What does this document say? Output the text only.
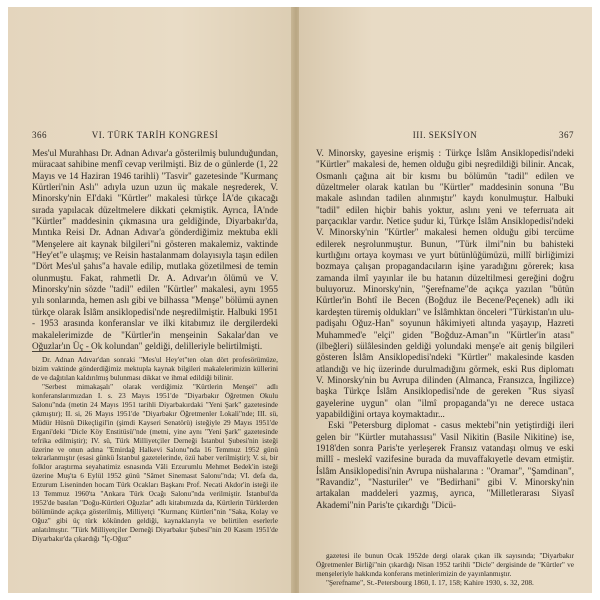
366	VI. TÜRK TARİH KONGRESİ

Mes'ul Murahhası Dr. Adnan Adıvar'a gösterilmiş bulunduğundan, müracaat sahibine menfî cevap verilmişti. Biz de o günlerde (1, 22 Mayıs ve 14 Haziran 1946 tarihli) "Tasvir" gazetesinde "Kurmanç Kürtleri'nin Aslı" adıyla uzun uzun üç makale neşrederek, V. Minorsky'nin EI'daki "Kürtler" makalesi türkçe İA'de çıkacağı sırada yapılacak düzeltmelere dikkati çekmiştik. Ayrıca, İA'nde "Kürtler" maddesinin çıkmasına ura geldiğinde, Diyarbakır'da, Mıntıka Reisi Dr. Adnan Adıvar'a gönderdiğimiz mektuba ekli "Menşelere ait kaynak bilgileri"ni gösteren makalemiz, vaktinde "Hey'et"e ulaşmış; ve Reisin hastalanmam dolayısıyla taşın edilen "Dört Mes'ul şahıs"a havale edilip, mutlaka gözetilmesi de temin olunmuştu. Fakat, rahmetli Dr. A. Adıvar'ın ölümü ve V. Minorsky'nin sözde "tadil" edilen "Kürtler" makalesi, aynı 1955 yılı sonlarında, hemen aslı gibi ve bilhassa "Menşe" bölümü aynen türkçe olarak İslâm ansiklopedisi'nde neşredilmiştir. Halbuki 1951 - 1953 arasında konferanslar ve ilki kitabımız ile dergilerdeki makalelerimizde de "Kürtler'in menşeinin Sakalar'dan ve Oğuzlar'ın Üç - Ok kolundan" geldiği, delilleriyle belirtilmişti.

Dr. Adnan Adıvar'dan sonraki "Mes'ul Hey'et"ten olan dört profesörümüze, bizim vaktinde gönderdiğimiz mektupla kaynak bilgileri makalelerimizin küllerini de ve dağıtılan kaldırılmış bulunması dikkat ve ihmal edildiği bilinir.

"Serbest mimakaşalı" olarak verdiğimiz "Kürtlerin Menşei" adlı konferanslarımızdan I. s. 23 Mayıs 1951'de "Diyarbakır Öğretmen Okulu Salonu"nda (metin 24 Mayıs 1951 tarihli Diyarbakırdaki "Yeni Şark" gazetesinde çıkmıştır); II. si, 26 Mayıs 1951'de "Diyarbakır Öğretmenler Lokali"nde; III. sü, Müdür Hüsnü Dikeçligil'in (şimdi Kayseri Senatörü) isteğiyle 29 Mayıs 1951'de Ergani'deki "Dicle Köy Enstitüsü"nde (metni, yine aynı "Yeni Şark" gazetesinde tefrika edilmiştir); IV. sü, Türk Milliyetçiler Derneği İstanbul Şubesi'nin isteği üzerine ve onun adına "Emirdağ Halkevi Salonu"nda 16 Temmuz 1952 günü tekrarlanmıştır (esasi günkü İstanbul gazetelerinde, özü haber verilmiştir); V. si, bir folklor araştırma seyahatimiz esnasında Vâli Erzurumlu Mehmet Bedek'in isteği üzerine Muş'ta 6 Eylül 1952 günü "Sâmet Sinemasıt Salonu"nda; VI. defa da, Erzurum Liseninden hocam Türk Ocakları Başkanı Prof. Necati Akdor'in isteği ile 13 Temmuz 1960'ta "Ankara Türk Ocağı Salonu"nda verilmiştir. İstanbul'da 1952'de basılan "Doğu-Kürtleri Oğuzlar" adlı kitabımızda da, Kürtlerin Türklerden bölümünde açıkça gösterilmiş, Milliyetçi "Kurmanç Kürtleri"nin "Saka, Kolay ve Oğuz" gibi üç türk kökünden geldiği, kaynaklarıyla ve belirtilen eserlerle anlatılmıştır. "Türk Milliyetçiler Derneği Diyarbakır Şubesi"nin 20 Kasım 1951'de Diyarbakır'da çıkardığı "İç-Oğuz"

III. SEKSİYON	367

V. Minorsky, gayesine erişmiş : Türkçe İslâm Ansiklopedisi'ndeki "Kürtler" makalesi de, hemen olduğu gibi neşredildiği bilinir. Ancak, Osmanlı çağına ait bir kısmı bu bölümün "tadil" edilen ve düzeltmeler olarak katılan bu "Kürtler" maddesinin sonuna "Bu makale aslından tadilen alınmıştır" kaydı konulmuştur. Halbuki "tadil" edilen hiçbir bahis yoktur, aslını yeni ve teferruata ait parçacıklar vardır. Netice şudur ki, Türkçe İslâm Ansiklopedisi'ndeki V. Minorsky'nin "Kürtler" makalesi hemen olduğu gibi tercüme edilerek neşrolunmuştur. Bunun, "Türk ilmi"nin bu bahisteki kurtlığını ortaya koyması ve yurt bütünlüğümüzü, millî birliğimizi bozmaya çalışan propagandacıların işine yaradığını görerek; kısa zamanda ilmî yayınlar ile bu hatanın düzeltilmesi gereğini doğru buluyoruz. Minorsky'nin, "Şerefname"de açıkça yazılan "bütün Kürtler'in Bohtî ile Becen (Boğduz ile Becene/Peçenek) adlı iki kardeşten türemiş oldukları" ve İslâmhktan önceleri "Türkistan'ın ulu-padişahı Oğuz-Han" soyunun hâkimiyeti altında yaşayıp, Hazreti Muhammed'e "elçi" giden "Boğduz-Aman"ın "Kürtler'in atası" (ilbeğleri) sülâlesinden geldiği yolundaki menşe'e ait geniş bilgileri gösteren İslâm Ansiklopedisi'ndeki "Kürtler" makalesinde kasden atlandığı ve hiç üzerinde durulmadığını görmek, eski Rus diplomatı V. Minorsky'nin bu Avrupa dilinden (Almanca, Fransızca, İngilizce) başka Türkçe İslâm Ansiklopedisi'nde de gereken "Rus siyasî gayelerine uygun" olan "ilmî propaganda"yı ne derece ustaca yapabildiğini ortaya koymaktadır...

Eski "Petersburg diplomat - casus mektebi"nin yetiştirdiği ileri gelen bir "Kürtler mutahassısı" Vasil Nikitin (Basile Nikitine) ise, 1918'den sonra Paris'te yerleşerek Fransız vatandaşı olmuş ve eski millî - meslekî vazifesine burada da muvaffakıyetle devam etmiştir. İslâm Ansiklopedisi'nin Avrupa nüshalarına : "Oramar", "Şamdinan", "Ravandiz", "Nasturiler" ve "Bedirhani" gibi V. Minorsky'nin artakalan maddeleri yazmış, ayrıca, "Milletlerarası Siyasî Akademi"nin Paris'te çıkardığı "Dicü-

gazetesi ile bunun Ocak 1952de dergi olarak çıkan ilk sayısında; "Diyarbakır Öğretmenler Birliği"nin çıkardığı Nisan 1952 tarihli "Dicle" dergisinde de "Kürtler" ve menşeleriyle hakkında konferans metinlerimizin de yayınlanmıştır.

"Şerefname", St.-Petersbourg 1860, I. 17, 158; Kahire 1930, s. 32, 208.
